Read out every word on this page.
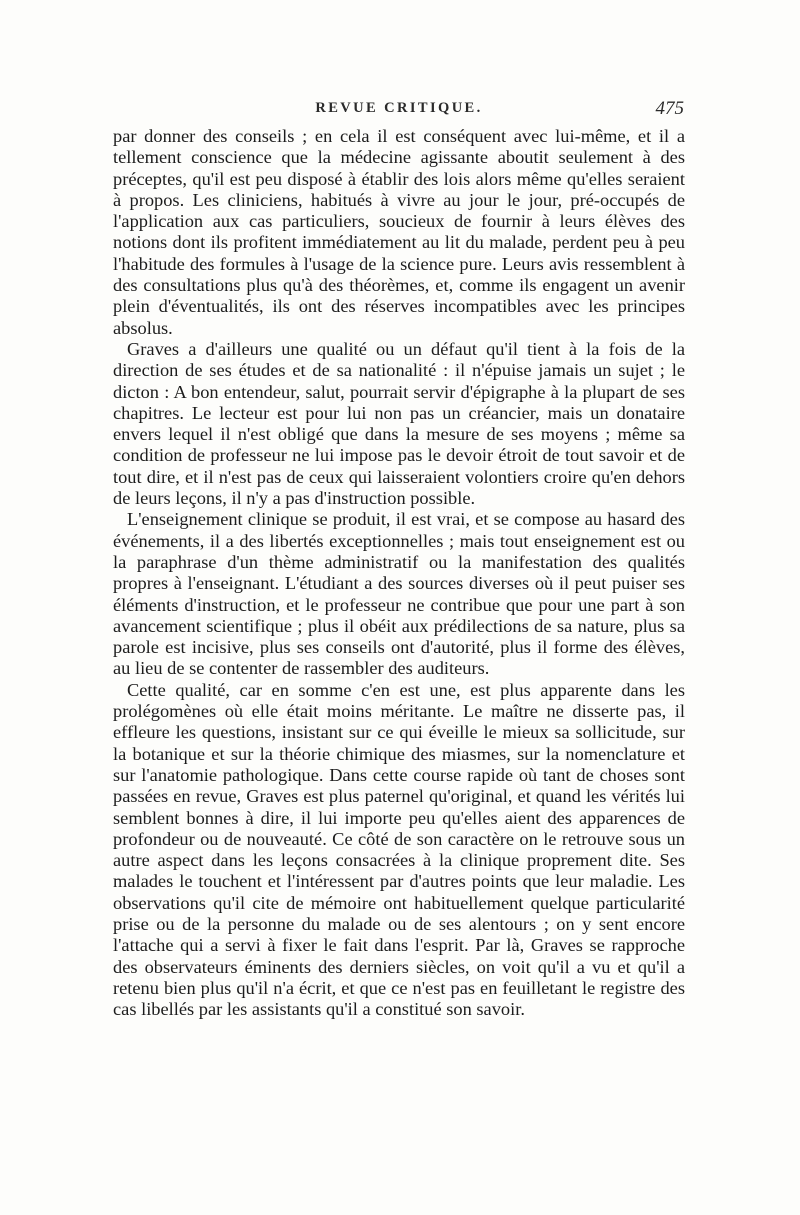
REVUE CRITIQUE.	475

par donner des conseils ; en cela il est conséquent avec lui-même, et il a tellement conscience que la médecine agissante aboutit seulement à des préceptes, qu'il est peu disposé à établir des lois alors même qu'elles seraient à propos. Les cliniciens, habitués à vivre au jour le jour, pré-occupés de l'application aux cas particuliers, soucieux de fournir à leurs élèves des notions dont ils profitent immédiatement au lit du malade, perdent peu à peu l'habitude des formules à l'usage de la science pure. Leurs avis ressemblent à des consultations plus qu'à des théorèmes, et, comme ils engagent un avenir plein d'éventualités, ils ont des réserves incompatibles avec les principes absolus.

Graves a d'ailleurs une qualité ou un défaut qu'il tient à la fois de la direction de ses études et de sa nationalité : il n'épuise jamais un sujet ; le dicton : A bon entendeur, salut, pourrait servir d'épigraphe à la plupart de ses chapitres. Le lecteur est pour lui non pas un créancier, mais un donataire envers lequel il n'est obligé que dans la mesure de ses moyens ; même sa condition de professeur ne lui impose pas le devoir étroit de tout savoir et de tout dire, et il n'est pas de ceux qui laisseraient volontiers croire qu'en dehors de leurs leçons, il n'y a pas d'instruction possible.

L'enseignement clinique se produit, il est vrai, et se compose au hasard des événements, il a des libertés exceptionnelles ; mais tout enseignement est ou la paraphrase d'un thème administratif ou la manifestation des qualités propres à l'enseignant. L'étudiant a des sources diverses où il peut puiser ses éléments d'instruction, et le professeur ne contribue que pour une part à son avancement scientifique ; plus il obéit aux prédilections de sa nature, plus sa parole est incisive, plus ses conseils ont d'autorité, plus il forme des élèves, au lieu de se contenter de rassembler des auditeurs.

Cette qualité, car en somme c'en est une, est plus apparente dans les prolégomènes où elle était moins méritante. Le maître ne disserte pas, il effleure les questions, insistant sur ce qui éveille le mieux sa sollicitude, sur la botanique et sur la théorie chimique des miasmes, sur la nomenclature et sur l'anatomie pathologique. Dans cette course rapide où tant de choses sont passées en revue, Graves est plus paternel qu'original, et quand les vérités lui semblent bonnes à dire, il lui importe peu qu'elles aient des apparences de profondeur ou de nouveauté. Ce côté de son caractère on le retrouve sous un autre aspect dans les leçons consacrées à la clinique proprement dite. Ses malades le touchent et l'intéressent par d'autres points que leur maladie. Les observations qu'il cite de mémoire ont habituellement quelque particularité prise ou de la personne du malade ou de ses alentours ; on y sent encore l'attache qui a servi à fixer le fait dans l'esprit. Par là, Graves se rapproche des observateurs éminents des derniers siècles, on voit qu'il a vu et qu'il a retenu bien plus qu'il n'a écrit, et que ce n'est pas en feuilletant le registre des cas libellés par les assistants qu'il a constitué son savoir.
